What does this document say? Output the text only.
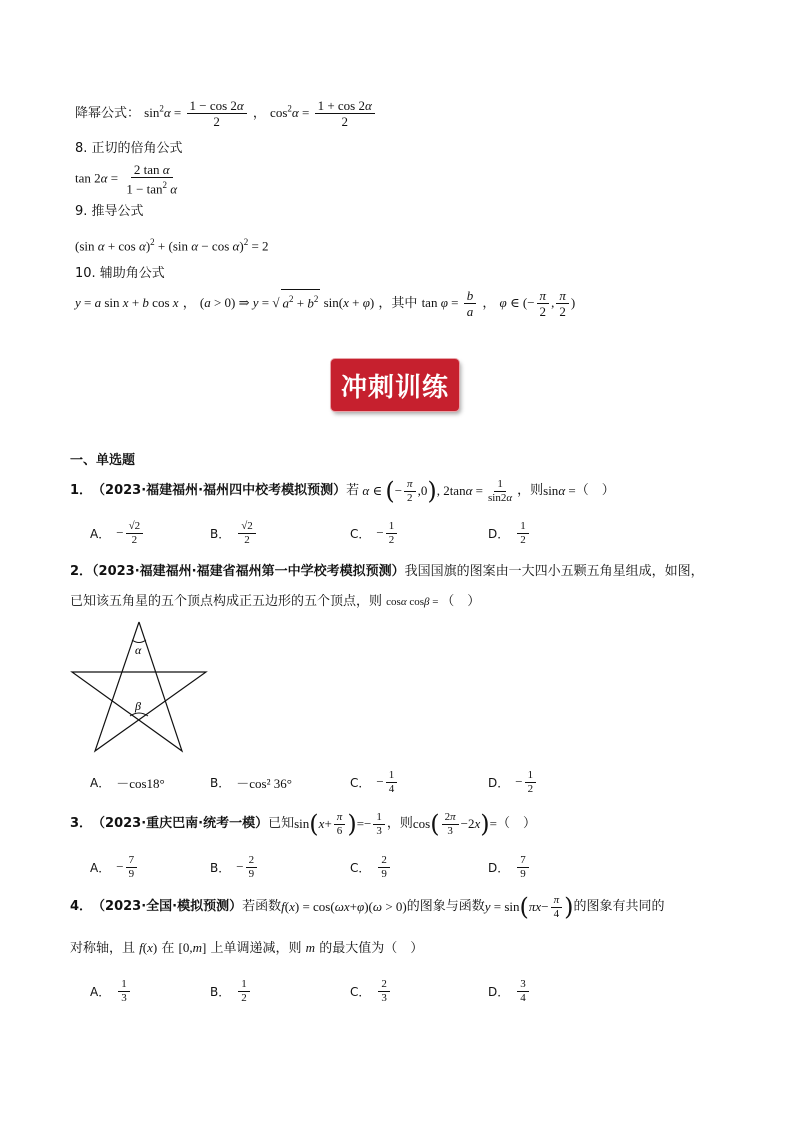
降幂公式： $\sin^2\alpha = \frac{1 - \cos 2\alpha}{2}$ ， $\cos^2\alpha = \frac{1 + \cos 2\alpha}{2}$
8. 正切的倍角公式
$\tan 2\alpha = \frac{\text{2 tan α}}{1 - \tan^2 \alpha}$
9. 推导公式
(sin α + cos α)$^2$ + (sin α − cos α)$^2$ = 2
10. 辅助角公式
y = a sin x + b cos x ， (a > 0) ⇒ y = √ $a^2 + b^2$ sin(x + φ) ，其中 $\tan \varphi = \frac{b}{a}$ ， φ ∈ (− $\frac{\pi}{2}$ , $\frac{\pi}{2}$ )
冲刺训练
一、单选题
1． （2023·福建福州·福州四中校考模拟预测） 若 α ∈ ( − $\frac{\pi}{2} ,0$ ) , $2\tan\alpha = \frac{1}{\sin 2\alpha}$ ，则 sinα = （　）
A． − $\frac{√2}{2}$	B． $\frac{√2}{2}$	C． − $\frac{1}{2}$	D． $\frac{1}{2}$
2．（2023·福建福州·福建省福州第一中学校考模拟预测）我国国旗的图案由一大四小五颗五角星组成，如图，
已知该五角星的五个顶点构成正五边形的五个顶点，则 cosα cosβ = （　）
α
β
A． －cos18°	B． －cos² 36°	C． − $\frac{1}{4}$	D． − $\frac{1}{2}$
3． （2023·重庆巴南·统考一模） 已知 sin ( $x + \frac{\pi}{6}$ ) =− $\frac{1}{3}$ ，则 cos ( $\frac{2\pi}{3} -2x$ ) = （　）
A． − $\frac{7}{9}$	B． − $\frac{2}{9}$	C． $\frac{2}{9}$	D． $\frac{7}{9}$
4． （2023·全国·模拟预测） 若函数 f(x) = cos(ωx+φ)(ω > 0) 的图象与函数 y = sin ( $\pi x- \frac{\pi}{4}$ ) 的图象有共同的
对称轴，且 f(x) 在 [0,m] 上单调递减，则 m 的最大值为（　）
A． $\frac{1}{3}$	B． $\frac{1}{2}$	C． $\frac{2}{3}$	D． $\frac{3}{4}$
